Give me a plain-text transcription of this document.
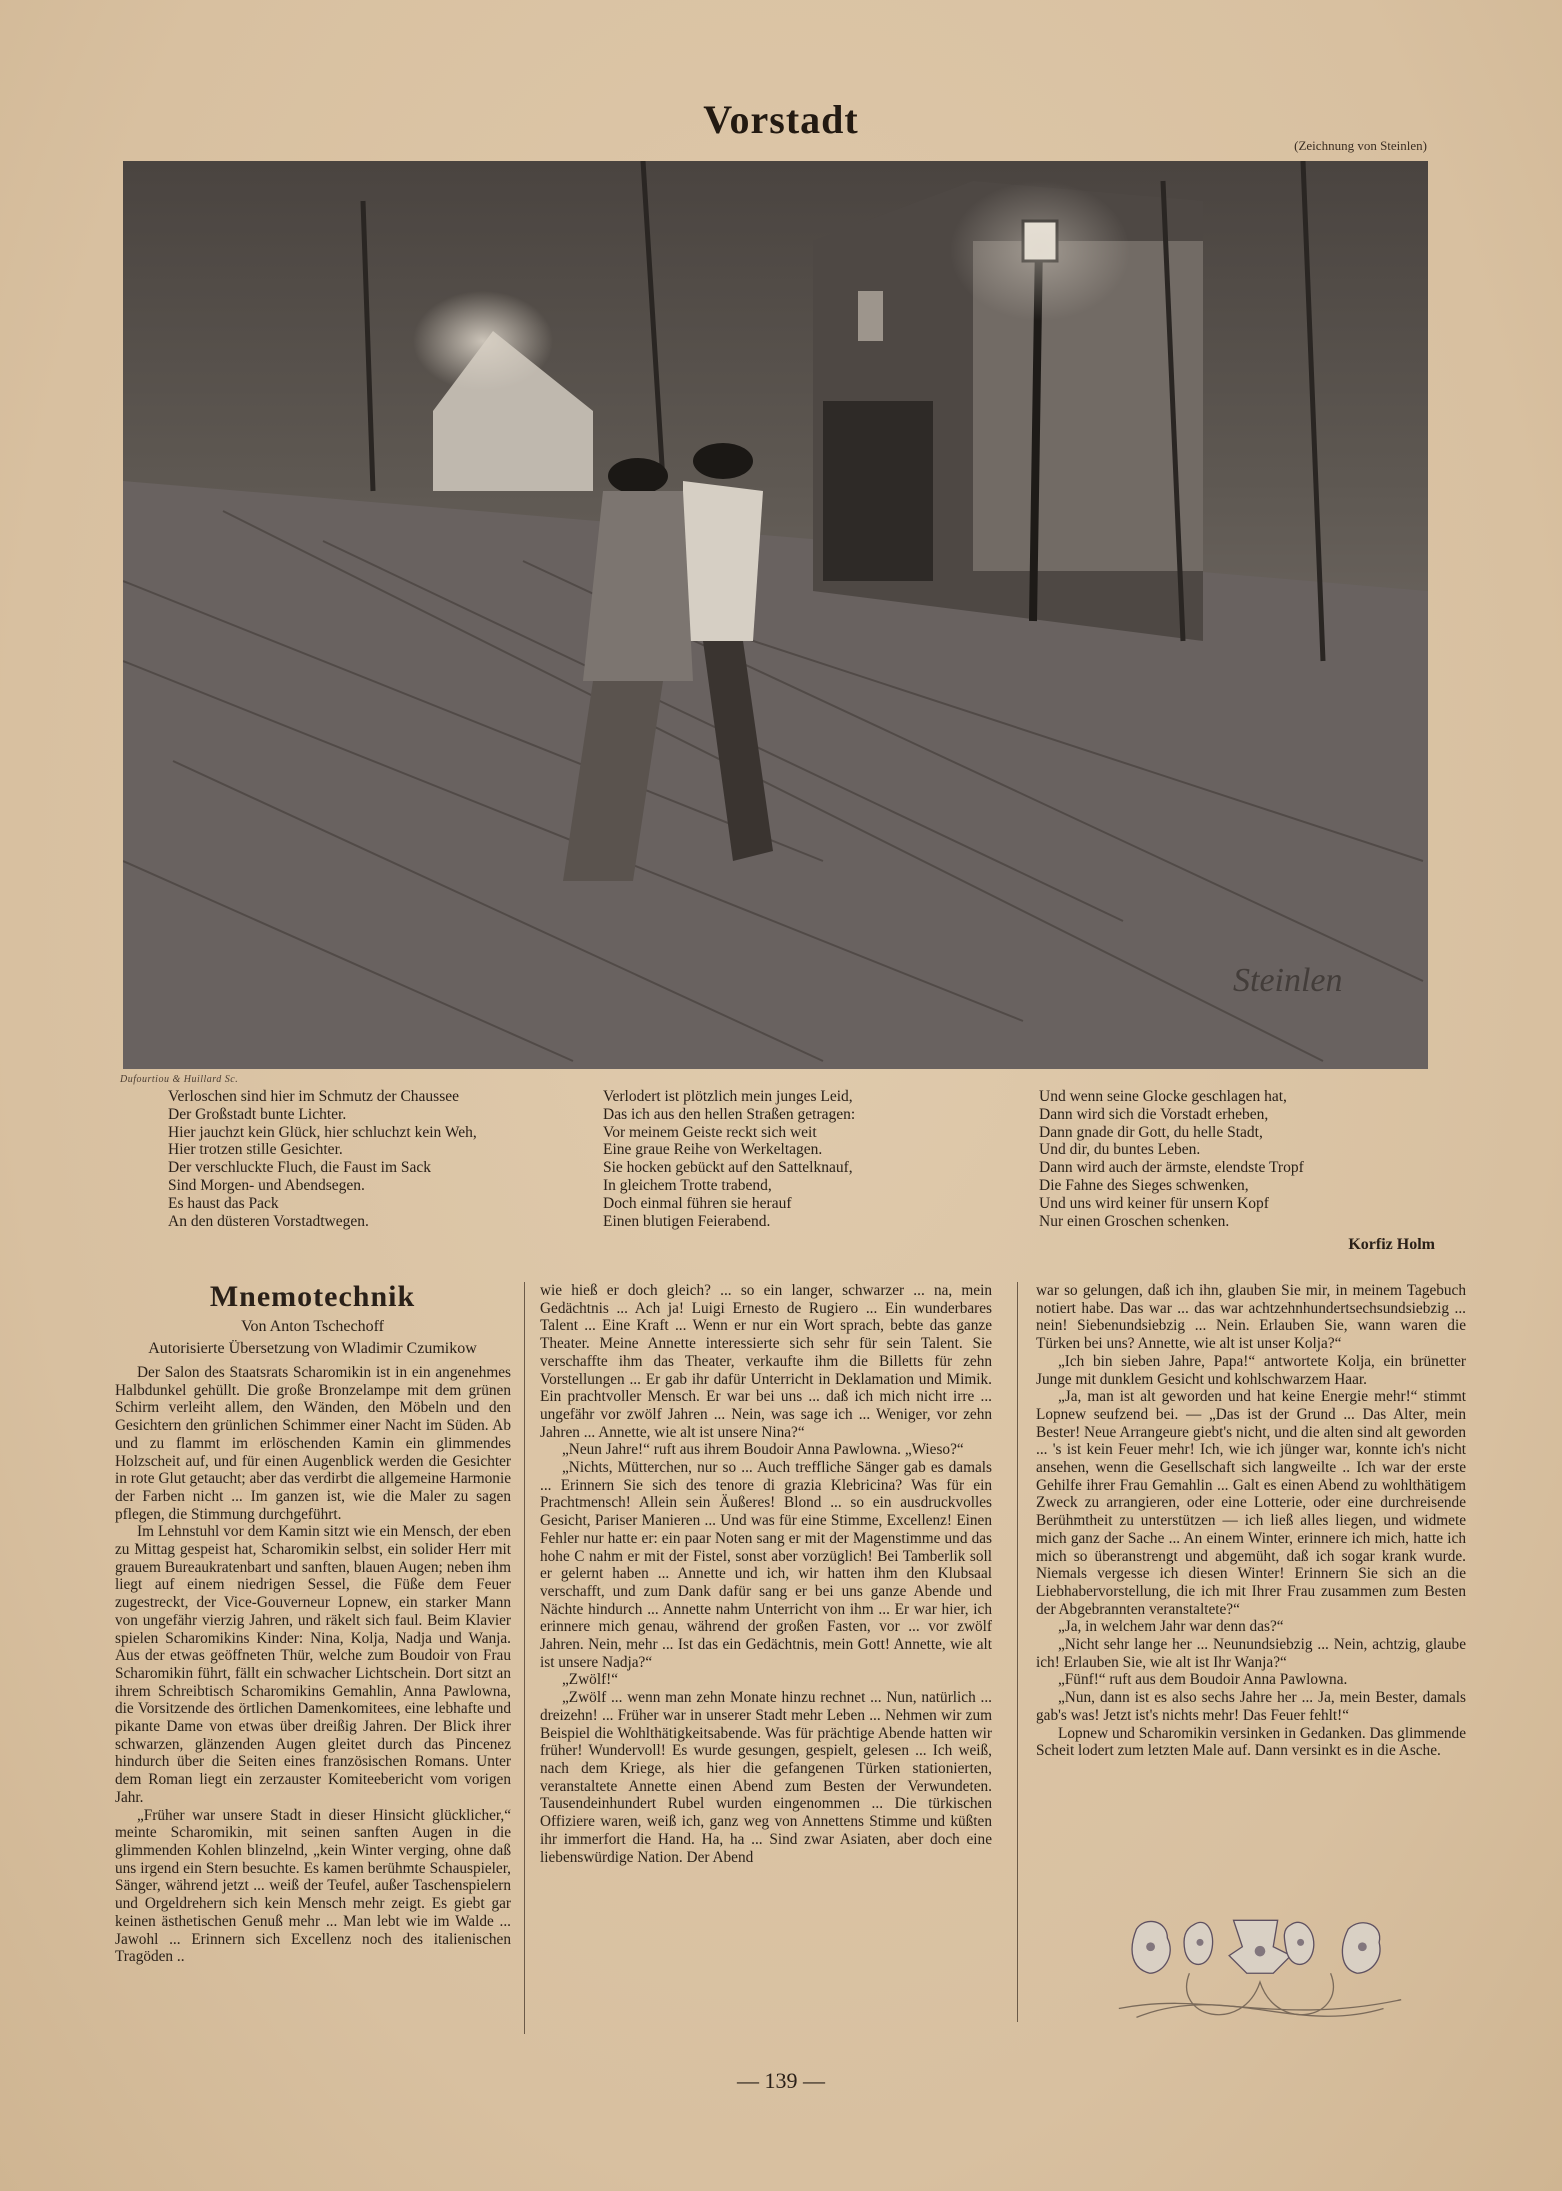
Vorstadt
(Zeichnung von Steinlen)
Steinlen
Dufourtiou & Huillard Sc.
Verloschen sind hier im Schmutz der Chaussee
Der Großstadt bunte Lichter.
Hier jauchzt kein Glück, hier schluchzt kein Weh,
Hier trotzen stille Gesichter.
Der verschluckte Fluch, die Faust im Sack
Sind Morgen- und Abendsegen.
Es haust das Pack
An den düsteren Vorstadtwegen.
Verlodert ist plötzlich mein junges Leid,
Das ich aus den hellen Straßen getragen:
Vor meinem Geiste reckt sich weit
Eine graue Reihe von Werkeltagen.
Sie hocken gebückt auf den Sattelknauf,
In gleichem Trotte trabend,
Doch einmal führen sie herauf
Einen blutigen Feierabend.
Und wenn seine Glocke geschlagen hat,
Dann wird sich die Vorstadt erheben,
Dann gnade dir Gott, du helle Stadt,
Und dir, du buntes Leben.
Dann wird auch der ärmste, elendste Tropf
Die Fahne des Sieges schwenken,
Und uns wird keiner für unsern Kopf
Nur einen Groschen schenken.
Korfiz Holm
Mnemotechnik
Von Anton Tschechoff
Autorisierte Übersetzung von Wladimir Czumikow

Der Salon des Staatsrats Scharomikin ist in ein angenehmes Halbdunkel gehüllt. Die große Bronzelampe mit dem grünen Schirm verleiht allem, den Wänden, den Möbeln und den Gesichtern den grünlichen Schimmer einer Nacht im Süden. Ab und zu flammt im erlöschenden Kamin ein glimmendes Holzscheit auf, und für einen Augenblick werden die Gesichter in rote Glut getaucht; aber das verdirbt die allgemeine Harmonie der Farben nicht ... Im ganzen ist, wie die Maler zu sagen pflegen, die Stimmung durchgeführt.

Im Lehnstuhl vor dem Kamin sitzt wie ein Mensch, der eben zu Mittag gespeist hat, Scharomikin selbst, ein solider Herr mit grauem Bureaukratenbart und sanften, blauen Augen; neben ihm liegt auf einem niedrigen Sessel, die Füße dem Feuer zugestreckt, der Vice-Gouverneur Lopnew, ein starker Mann von ungefähr vierzig Jahren, und räkelt sich faul. Beim Klavier spielen Scharomikins Kinder: Nina, Kolja, Nadja und Wanja. Aus der etwas geöffneten Thür, welche zum Boudoir von Frau Scharomikin führt, fällt ein schwacher Lichtschein. Dort sitzt an ihrem Schreibtisch Scharomikins Gemahlin, Anna Pawlowna, die Vorsitzende des örtlichen Damenkomitees, eine lebhafte und pikante Dame von etwas über dreißig Jahren. Der Blick ihrer schwarzen, glänzenden Augen gleitet durch das Pincenez hindurch über die Seiten eines französischen Romans. Unter dem Roman liegt ein zerzauster Komiteebericht vom vorigen Jahr.

„Früher war unsere Stadt in dieser Hinsicht glücklicher,“ meinte Scharomikin, mit seinen sanften Augen in die glimmenden Kohlen blinzelnd, „kein Winter verging, ohne daß uns irgend ein Stern besuchte. Es kamen berühmte Schauspieler, Sänger, während jetzt ... weiß der Teufel, außer Taschenspielern und Orgeldrehern sich kein Mensch mehr zeigt. Es giebt gar keinen ästhetischen Genuß mehr ... Man lebt wie im Walde ... Jawohl ... Erinnern sich Excellenz noch des italienischen Tragöden ..

wie hieß er doch gleich? ... so ein langer, schwarzer ... na, mein Gedächtnis ... Ach ja! Luigi Ernesto de Rugiero ... Ein wunderbares Talent ... Eine Kraft ... Wenn er nur ein Wort sprach, bebte das ganze Theater. Meine Annette interessierte sich sehr für sein Talent. Sie verschaffte ihm das Theater, verkaufte ihm die Billetts für zehn Vorstellungen ... Er gab ihr dafür Unterricht in Deklamation und Mimik. Ein prachtvoller Mensch. Er war bei uns ... daß ich mich nicht irre ... ungefähr vor zwölf Jahren ... Nein, was sage ich ... Weniger, vor zehn Jahren ... Annette, wie alt ist unsere Nina?“

„Neun Jahre!“ ruft aus ihrem Boudoir Anna Pawlowna. „Wieso?“

„Nichts, Mütterchen, nur so ... Auch treffliche Sänger gab es damals ... Erinnern Sie sich des tenore di grazia Klebricina? Was für ein Prachtmensch! Allein sein Äußeres! Blond ... so ein ausdruckvolles Gesicht, Pariser Manieren ... Und was für eine Stimme, Excellenz! Einen Fehler nur hatte er: ein paar Noten sang er mit der Magenstimme und das hohe C nahm er mit der Fistel, sonst aber vorzüglich! Bei Tamberlik soll er gelernt haben ... Annette und ich, wir hatten ihm den Klubsaal verschafft, und zum Dank dafür sang er bei uns ganze Abende und Nächte hindurch ... Annette nahm Unterricht von ihm ... Er war hier, ich erinnere mich genau, während der großen Fasten, vor ... vor zwölf Jahren. Nein, mehr ... Ist das ein Gedächtnis, mein Gott! Annette, wie alt ist unsere Nadja?“

„Zwölf!“

„Zwölf ... wenn man zehn Monate hinzu rechnet ... Nun, natürlich ... dreizehn! ... Früher war in unserer Stadt mehr Leben ... Nehmen wir zum Beispiel die Wohlthätigkeitsabende. Was für prächtige Abende hatten wir früher! Wundervoll! Es wurde gesungen, gespielt, gelesen ... Ich weiß, nach dem Kriege, als hier die gefangenen Türken stationierten, veranstaltete Annette einen Abend zum Besten der Verwundeten. Tausendeinhundert Rubel wurden eingenommen ... Die türkischen Offiziere waren, weiß ich, ganz weg von Annettens Stimme und küßten ihr immerfort die Hand. Ha, ha ... Sind zwar Asiaten, aber doch eine liebenswürdige Nation. Der Abend

war so gelungen, daß ich ihn, glauben Sie mir, in meinem Tagebuch notiert habe. Das war ... das war achtzehnhundertsechsundsiebzig ... nein! Siebenundsiebzig ... Nein. Erlauben Sie, wann waren die Türken bei uns? Annette, wie alt ist unser Kolja?“

„Ich bin sieben Jahre, Papa!“ antwortete Kolja, ein brünetter Junge mit dunklem Gesicht und kohlschwarzem Haar.

„Ja, man ist alt geworden und hat keine Energie mehr!“ stimmt Lopnew seufzend bei. — „Das ist der Grund ... Das Alter, mein Bester! Neue Arrangeure giebt's nicht, und die alten sind alt geworden ... 's ist kein Feuer mehr! Ich, wie ich jünger war, konnte ich's nicht ansehen, wenn die Gesellschaft sich langweilte .. Ich war der erste Gehilfe ihrer Frau Gemahlin ... Galt es einen Abend zu wohlthätigem Zweck zu arrangieren, oder eine Lotterie, oder eine durchreisende Berühmtheit zu unterstützen — ich ließ alles liegen, und widmete mich ganz der Sache ... An einem Winter, erinnere ich mich, hatte ich mich so überanstrengt und abgemüht, daß ich sogar krank wurde. Niemals vergesse ich diesen Winter! Erinnern Sie sich an die Liebhabervorstellung, die ich mit Ihrer Frau zusammen zum Besten der Abgebrannten veranstaltete?“

„Ja, in welchem Jahr war denn das?“

„Nicht sehr lange her ... Neunundsiebzig ... Nein, achtzig, glaube ich! Erlauben Sie, wie alt ist Ihr Wanja?“

„Fünf!“ ruft aus dem Boudoir Anna Pawlowna.

„Nun, dann ist es also sechs Jahre her ... Ja, mein Bester, damals gab's was! Jetzt ist's nichts mehr! Das Feuer fehlt!“

Lopnew und Scharomikin versinken in Gedanken. Das glimmende Scheit lodert zum letzten Male auf. Dann versinkt es in die Asche.

— 139 —
